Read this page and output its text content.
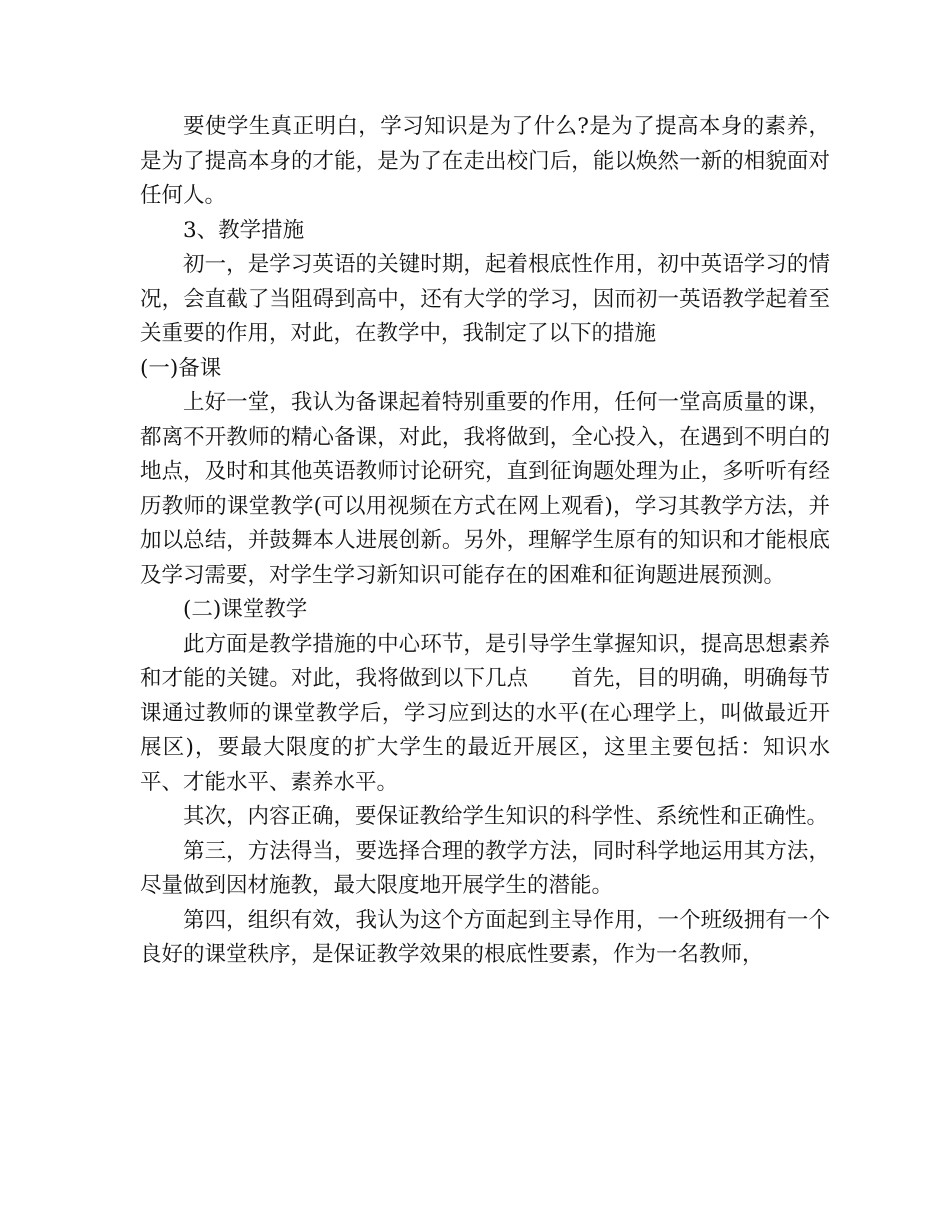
要使学生真正明白，学习知识是为了什么?是为了提高本身的素养，是为了提高本身的才能，是为了在走出校门后，能以焕然一新的相貌面对任何人。

3、教学措施

初一，是学习英语的关键时期，起着根底性作用，初中英语学习的情况，会直截了当阻碍到高中，还有大学的学习，因而初一英语教学起着至关重要的作用，对此，在教学中，我制定了以下的措施

(一)备课

上好一堂，我认为备课起着特别重要的作用，任何一堂高质量的课，都离不开教师的精心备课，对此，我将做到，全心投入，在遇到不明白的地点，及时和其他英语教师讨论研究，直到征询题处理为止，多听听有经历教师的课堂教学(可以用视频在方式在网上观看)，学习其教学方法，并加以总结，并鼓舞本人进展创新。另外，理解学生原有的知识和才能根底及学习需要，对学生学习新知识可能存在的困难和征询题进展预测。

(二)课堂教学

此方面是教学措施的中心环节，是引导学生掌握知识，提高思想素养和才能的关键。对此，我将做到以下几点　　首先，目的明确，明确每节课通过教师的课堂教学后，学习应到达的水平(在心理学上，叫做最近开展区)，要最大限度的扩大学生的最近开展区，这里主要包括：知识水平、才能水平、素养水平。

其次，内容正确，要保证教给学生知识的科学性、系统性和正确性。

第三，方法得当，要选择合理的教学方法，同时科学地运用其方法，尽量做到因材施教，最大限度地开展学生的潜能。

第四，组织有效，我认为这个方面起到主导作用，一个班级拥有一个良好的课堂秩序，是保证教学效果的根底性要素，作为一名教师，
